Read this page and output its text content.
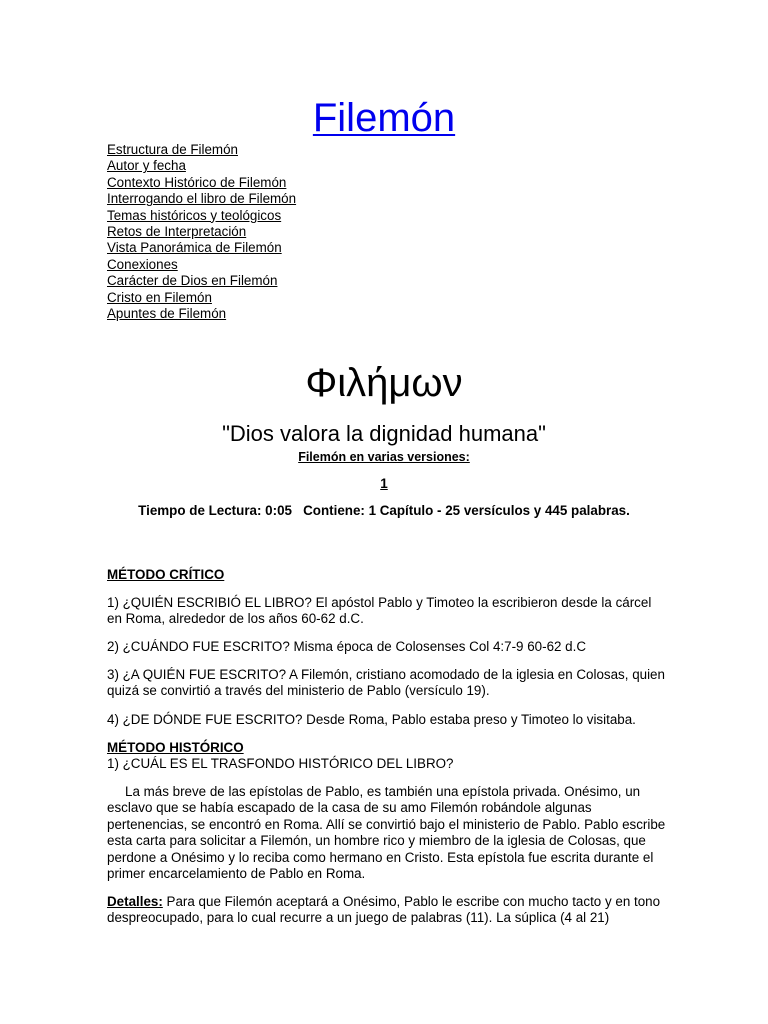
Filemón
Estructura de Filemón
Autor y fecha
Contexto Histórico de Filemón
Interrogando el libro de Filemón
Temas históricos y teológicos
Retos de Interpretación
Vista Panorámica de Filemón
Conexiones
Carácter de Dios en Filemón
Cristo en Filemón
Apuntes de Filemón
Φιλήμων
"Dios valora la dignidad humana"
Filemón en varias versiones:
1
Tiempo de Lectura: 0:05   Contiene: 1 Capítulo - 25 versículos y 445 palabras.
MÉTODO CRÍTICO

1) ¿QUIÉN ESCRIBIÓ EL LIBRO? El apóstol Pablo y Timoteo la escribieron desde la cárcel en Roma, alrededor de los años 60-62 d.C.

2) ¿CUÁNDO FUE ESCRITO? Misma época de Colosenses Col 4:7-9 60-62 d.C

3) ¿A QUIÉN FUE ESCRITO? A Filemón, cristiano acomodado de la iglesia en Colosas, quien quizá se convirtió a través del ministerio de Pablo (versículo 19).

4) ¿DE DÓNDE FUE ESCRITO? Desde Roma, Pablo estaba preso y Timoteo lo visitaba.

MÉTODO HISTÓRICO

1) ¿CUÁL ES EL TRASFONDO HISTÓRICO DEL LIBRO?

La más breve de las epístolas de Pablo, es también una epístola privada. Onésimo, un esclavo que se había escapado de la casa de su amo Filemón robándole algunas pertenencias, se encontró en Roma. Allí se convirtió bajo el ministerio de Pablo. Pablo escribe esta carta para solicitar a Filemón, un hombre rico y miembro de la iglesia de Colosas, que perdone a Onésimo y lo reciba como hermano en Cristo. Esta epístola fue escrita durante el primer encarcelamiento de Pablo en Roma.

Detalles: Para que Filemón aceptará a Onésimo, Pablo le escribe con mucho tacto y en tono despreocupado, para lo cual recurre a un juego de palabras (11). La súplica (4 al 21)
